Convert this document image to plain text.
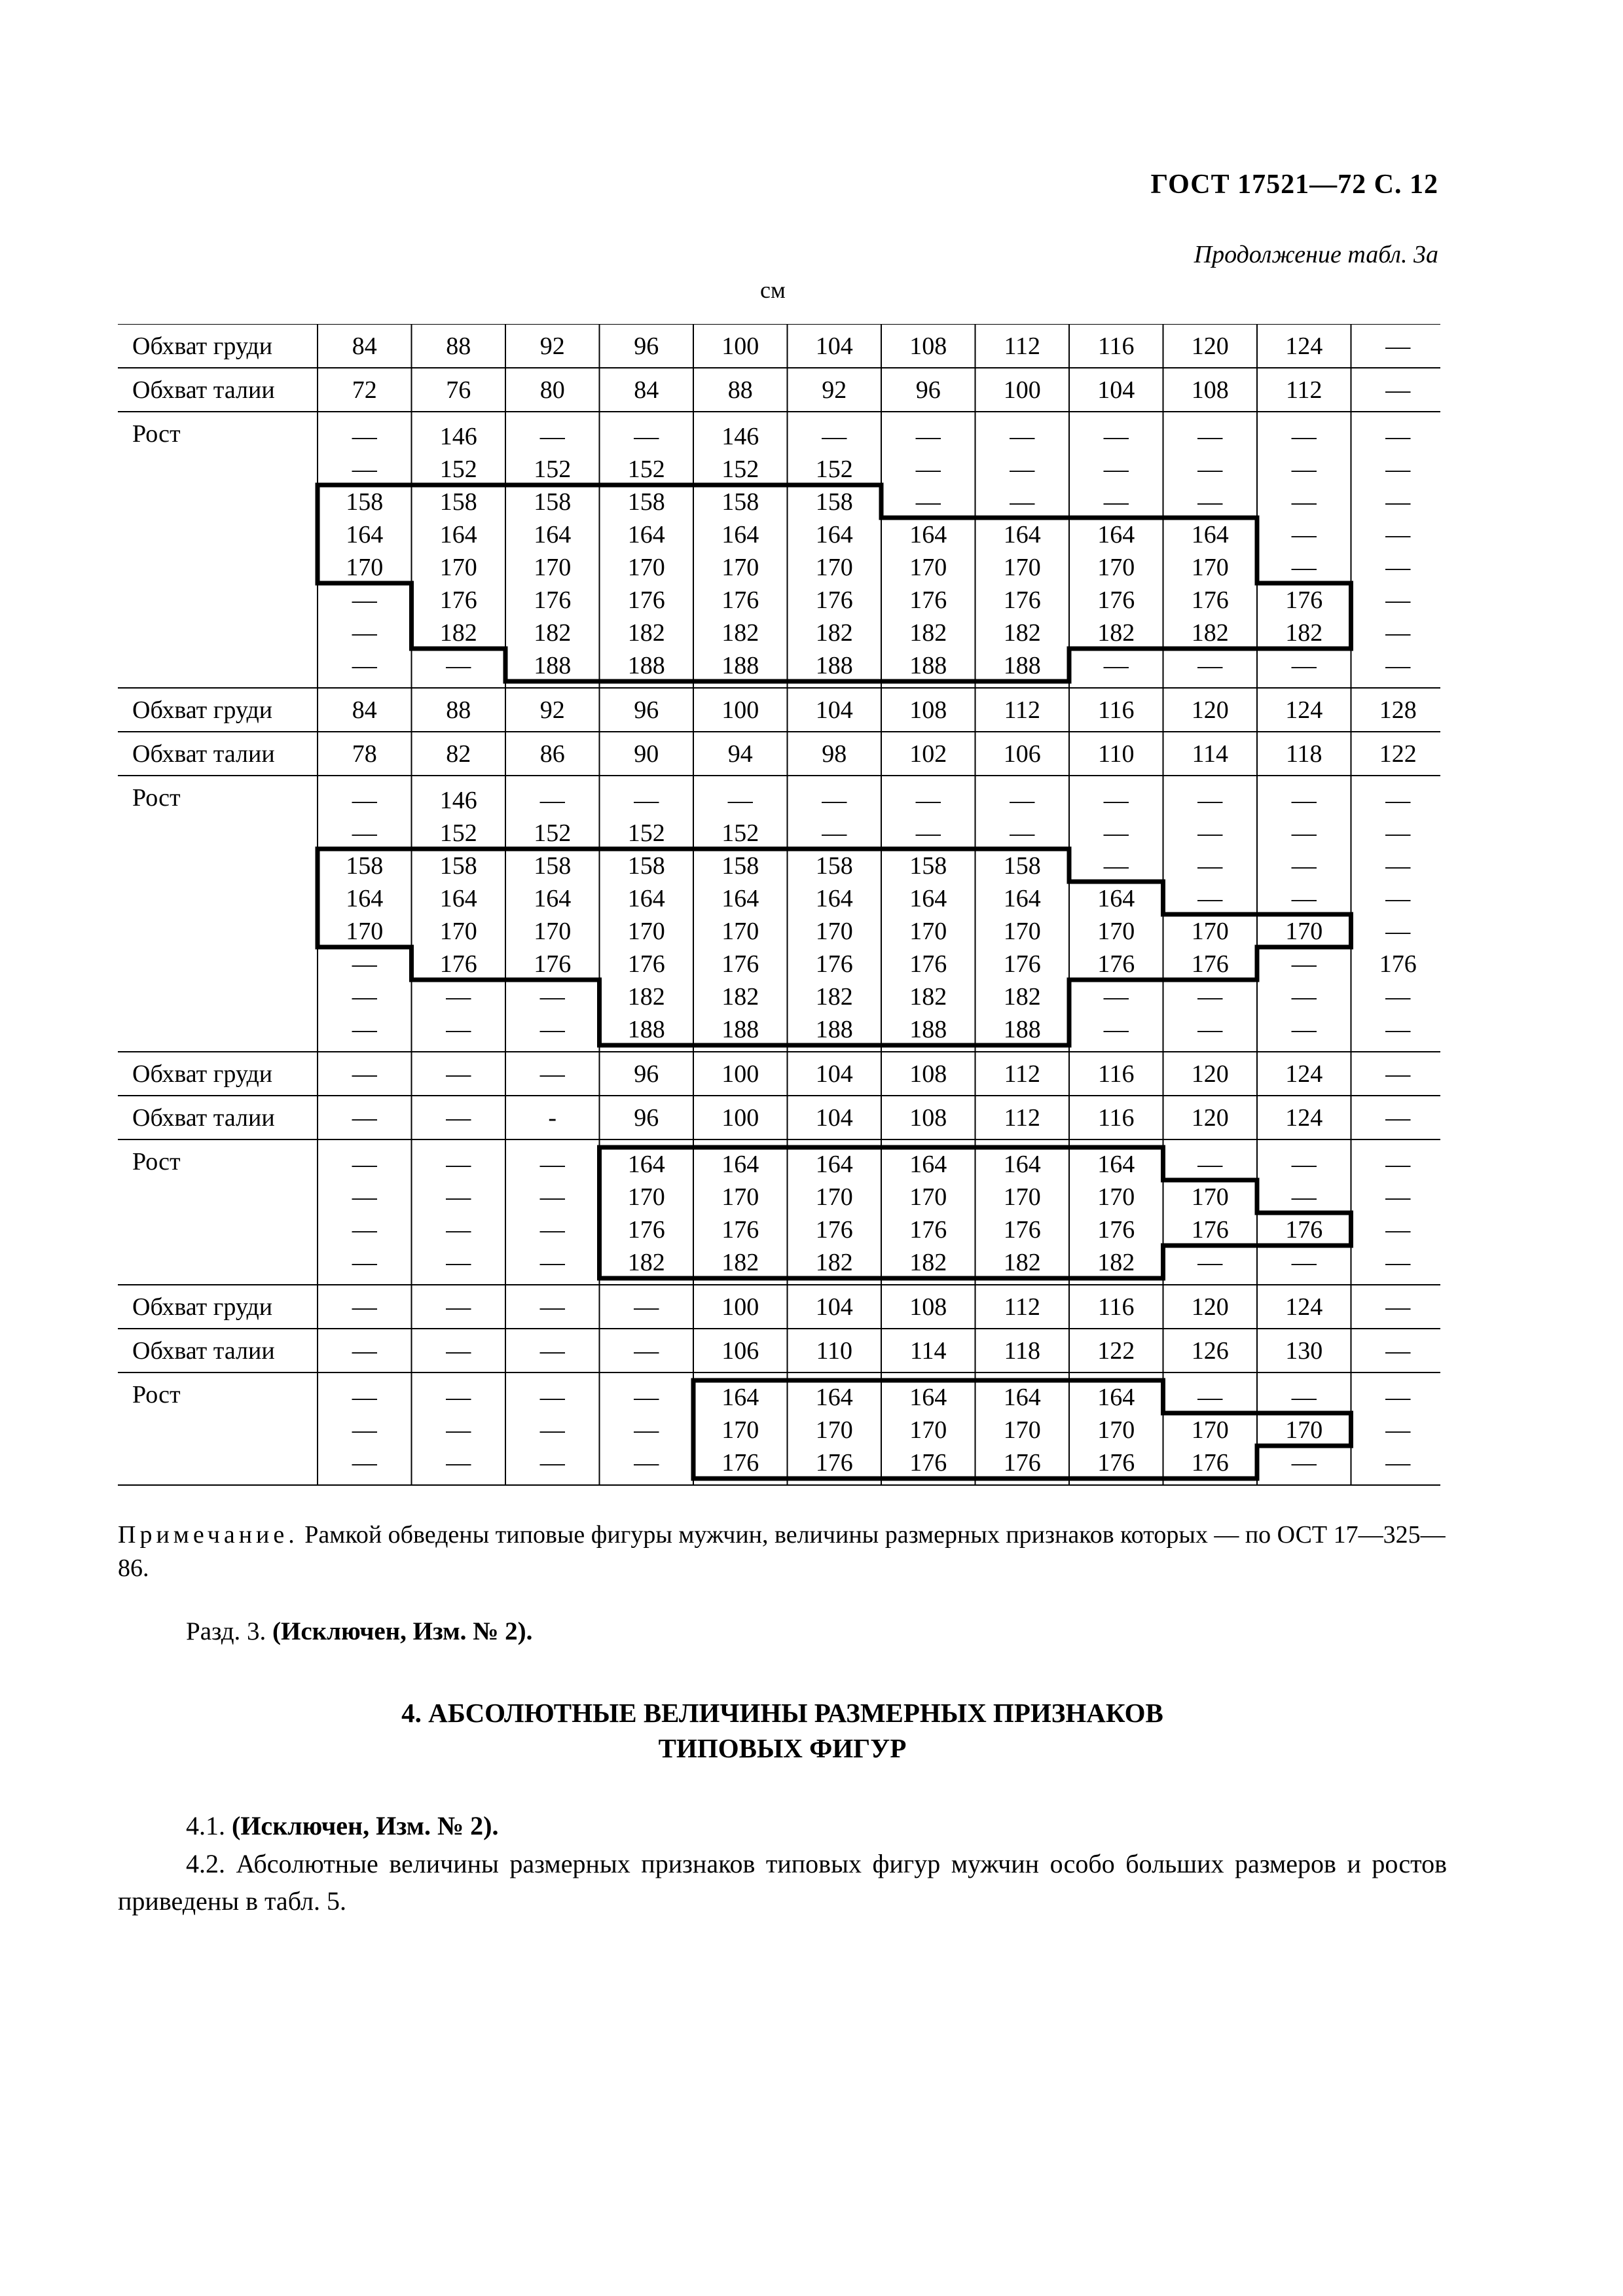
ГОСТ 17521—72 С. 12
Продолжение табл. 3а
см
Обхват груди	84	88	92	96	100 104 108 112 116 120 124	—
Обхват талии	72	76	80	84	88	92	96	100 104 108 112	—
Рост	—	146	—	—	146	—	—	—	—	—	—	—
—	152 152 152 152 152	—	—	—	—	—	—
158 158 158 158 158 158	—	—	—	—	—	—
164 164 164 164 164 164 164 164 164 164	—	—
170 170 170 170 170 170 170 170 170 170	—	—
—	176 176 176 176 176 176 176 176 176 176	—
—	182 182 182 182 182 182 182 182 182 182	—
—	—	188 188 188 188 188 188	—	—	—	—
Обхват груди	84	88	92	96	100 104 108 112 116 120 124 128
Обхват талии	78	82	86	90	94	98	102 106 110 114 118 122
Рост	—	146	—	—	—	—	—	—	—	—	—	—
—	152 152 152 152	—	—	—	—	—	—	—
158 158 158 158 158 158 158 158	—	—	—	—
164 164 164 164 164 164 164 164 164	—	—	—
170 170 170 170 170 170 170 170 170 170 170	—
—	176 176 176 176 176 176 176 176 176	—	176
—	—	—	182 182 182 182 182	—	—	—	—
—	—	—	188 188 188 188 188	—	—	—	—
Обхват груди	—	—	—	96	100 104 108 112 116 120 124	—
Обхват талии	—	—	-	96	100 104 108 112 116 120 124	—
Рост	—	—	—	164 164 164 164 164 164	—	—	—
—	—	—	170 170 170 170 170 170 170	—	—
—	—	—	176 176 176 176 176 176 176 176	—
—	—	—	182 182 182 182 182 182	—	—	—
Обхват груди	—	—	—	—	100 104 108 112 116 120 124	—
Обхват талии	—	—	—	—	106 110 114 118 122 126 130	—
Рост	—	—	—	—	164 164 164 164 164	—	—	—
—	—	—	—	170 170 170 170 170 170 170	—
—	—	—	—	176 176 176 176 176 176	—	—
Примечание. Рамкой обведены типовые фигуры мужчин, величины размерных признаков которых — по ОСТ 17—325—86.
Разд. 3. (Исключен, Изм. № 2).
4. АБСОЛЮТНЫЕ ВЕЛИЧИНЫ РАЗМЕРНЫХ ПРИЗНАКОВ
ТИПОВЫХ ФИГУР
4.1. (Исключен, Изм. № 2).
4.2. Абсолютные величины размерных признаков типовых фигур мужчин особо больших размеров и ростов приведены в табл. 5.
